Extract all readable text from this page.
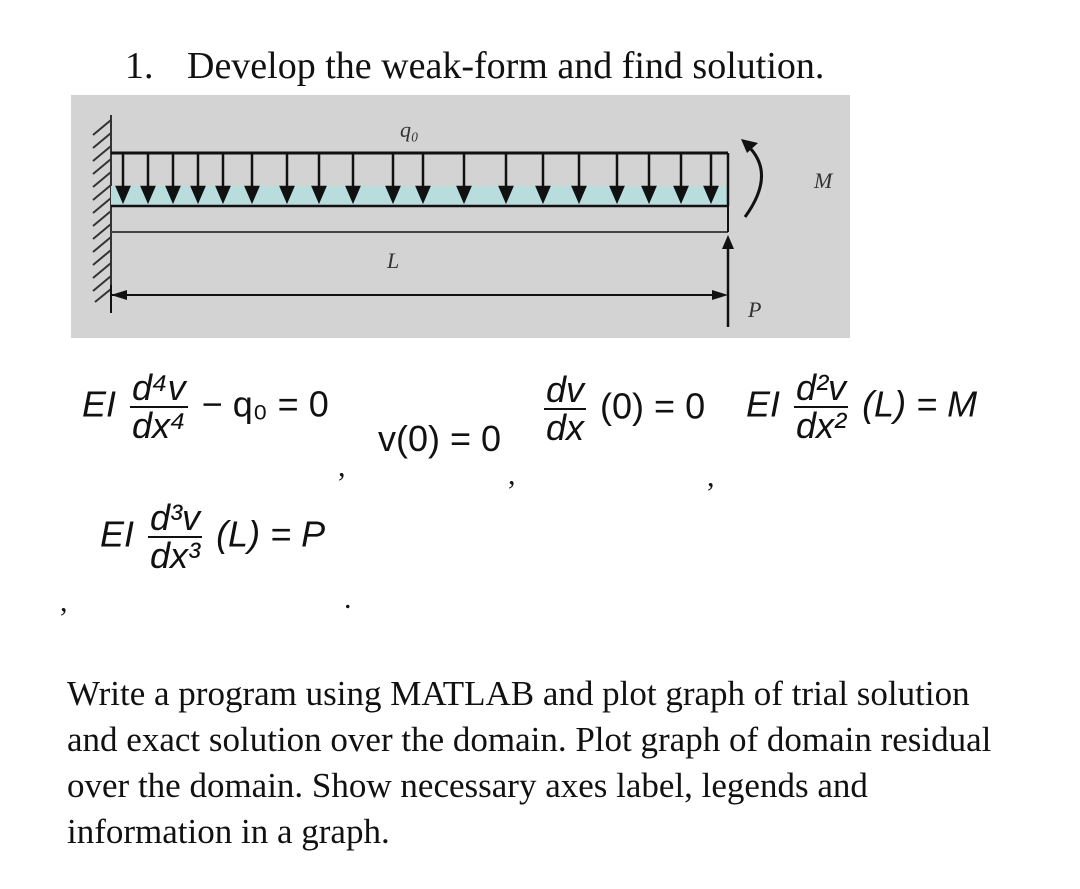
1. Develop the weak-form and find solution.
q₀
L
M
P
EI $\frac{\text{d⁴v}}{\text{dx⁴}} - q_0 = 0$
,
v(0) = 0
,
$\frac{dv}{dx} (0) = 0$
,
EI $\frac{\text{d²v}}{\text{dx²}} (L) = M$
,
EI $\frac{\text{d³v}}{\text{dx³}} (L) = P$
.
Write a program using MATLAB and plot graph of trial solution and exact solution over the domain. Plot graph of domain residual over the domain. Show necessary axes label, legends and information in a graph.
